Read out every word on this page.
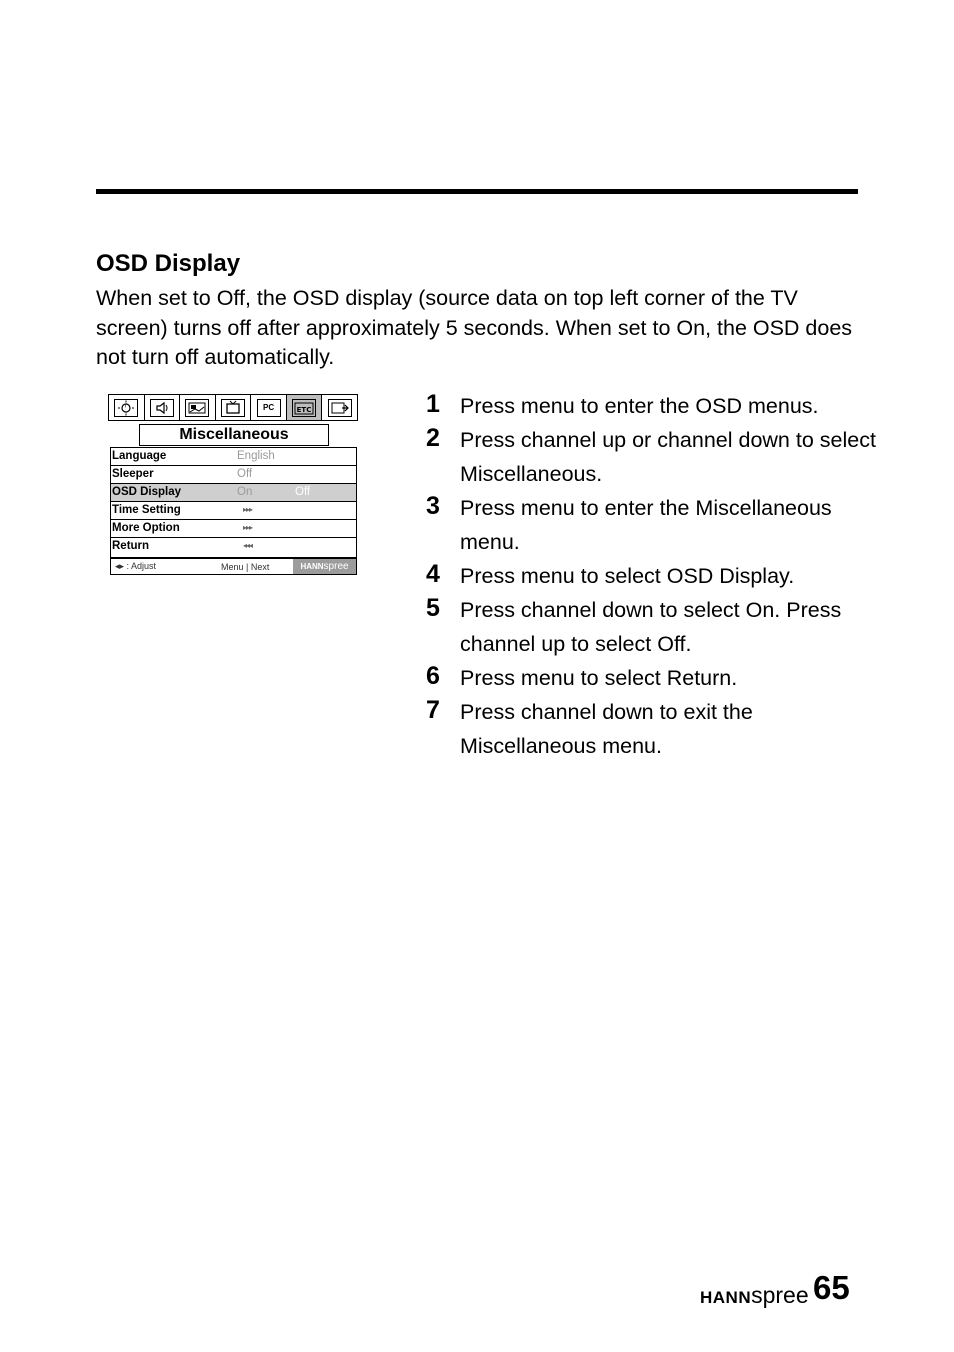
OSD Display

When set to Off, the OSD display (source data on top left corner of the TV screen) turns off after approximately 5 seconds. When set to On, the OSD does not turn off automatically.

PC	ETC
Miscellaneous
Language	English
Sleeper	Off
OSD Display	On	Off
Time Setting	▸▸▸
More Option	▸▸▸
Return	◂◂◂
◂▸ : Adjust	Menu | Next	HANNspree
1 Press menu to enter the OSD menus.
2 Press channel up or channel down to select Miscellaneous.
3 Press menu to enter the Miscellaneous menu.
4 Press menu to select OSD Display.
5 Press channel down to select On. Press channel up to select Off.
6 Press menu to select Return.
7 Press channel down to exit the Miscellaneous menu.
HANNspree 65
